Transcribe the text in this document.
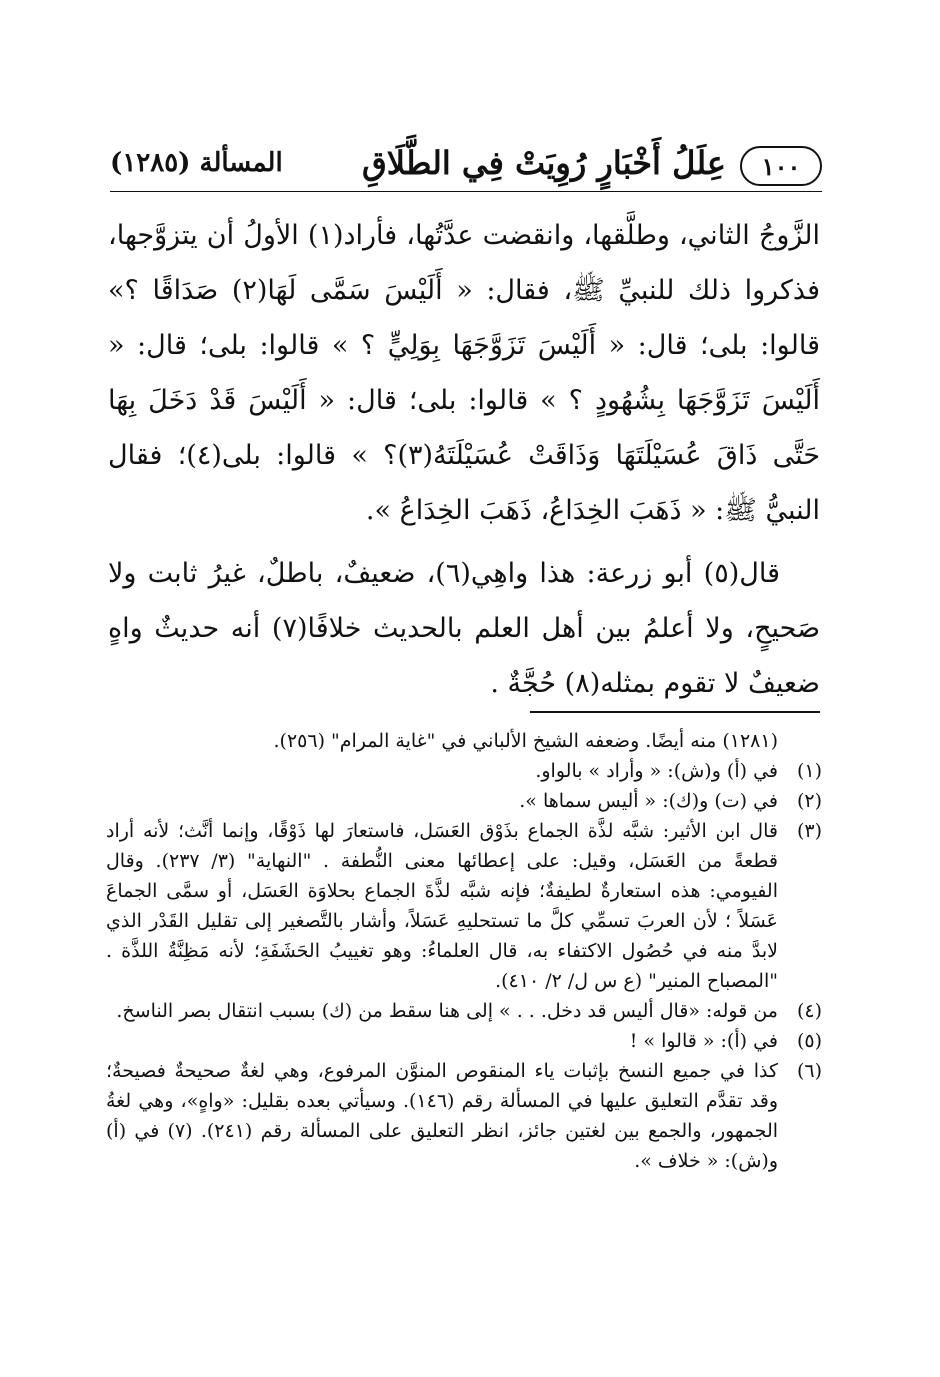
١٠٠
عِلَلُ أَخْبَارٍ رُوِيَتْ فِي الطَّلَاقِ
المسألة (١٢٨٥)

الزَّوجُ الثاني، وطلَّقها، وانقضت عدَّتُها، فأراد(١) الأولُ أن يتزوَّجها، فذكروا ذلك للنبيِّ ﷺ، فقال: « أَلَيْسَ سَمَّى لَهَا(٢) صَدَاقًا ؟» قالوا: بلى؛ قال: « أَلَيْسَ تَزَوَّجَهَا بِوَلِيٍّ ؟ » قالوا: بلى؛ قال: « أَلَيْسَ تَزَوَّجَهَا بِشُهُودٍ ؟ » قالوا: بلى؛ قال: « أَلَيْسَ قَدْ دَخَلَ بِهَا حَتَّى ذَاقَ عُسَيْلَتَهَا وَذَاقَتْ عُسَيْلَتَهُ(٣)؟ » قالوا: بلى(٤)؛ فقال النبيُّ ﷺ: « ذَهَبَ الخِدَاعُ، ذَهَبَ الخِدَاعُ ».

قال(٥) أبو زرعة: هذا واهِي(٦)، ضعيفٌ، باطلٌ، غيرُ ثابت ولا صَحيحٍ، ولا أعلمُ بين أهل العلم بالحديث خلافًا(٧) أنه حديثٌ واهٍ ضعيفٌ لا تقوم بمثله(٨) حُجَّةٌ .

(١٢٨١) منه أيضًا. وضعفه الشيخ الألباني في "غاية المرام" (٢٥٦).
(١)
في (أ) و(ش): « وأراد » بالواو.
(٢)
في (ت) و(ك): « أليس سماها ».
(٣)
قال ابن الأثير: شبَّه لذَّة الجماع بذَوْق العَسَل، فاستعارَ لها ذَوْقًا، وإنما أنَّث؛ لأنه أراد قطعةً من العَسَل، وقيل: على إعطائها معنى النُّطفة . "النهاية" (٣/ ٢٣٧). وقال الفيومي: هذه استعارةٌ لطيفةٌ؛ فإنه شبَّه لذَّةَ الجماع بحلاوَة العَسَل، أو سمَّى الجماعَ عَسَلاً ؛ لأن العربَ تسمِّي كلَّ ما تستحليهِ عَسَلاً، وأشار بالتَّصغير إلى تقليل القَدْر الذي لابدَّ منه في حُصُول الاكتفاء به، قال العلماءُ: وهو تغييبُ الحَشَفَةِ؛ لأنه مَظِنَّةُ اللذَّة . "المصباح المنير" (ع س ل/ ٢/ ٤١٠).
(٤)
من قوله: «قال أليس قد دخل. . . » إلى هنا سقط من (ك) بسبب انتقال بصر الناسخ.
(٥)
في (أ): « قالوا » !
(٦)
كذا في جميع النسخ بإثبات ياء المنقوص المنوَّن المرفوع، وهي لغةٌ صحيحةٌ فصيحةٌ؛ وقد تقدَّم التعليق عليها في المسألة رقم (١٤٦). وسيأتي بعده بقليل: «واهٍ»، وهي لغةُ الجمهور، والجمع بين لغتين جائز، انظر التعليق على المسألة رقم (٢٤١). (٧) في (أ) و(ش): « خلاف ».
